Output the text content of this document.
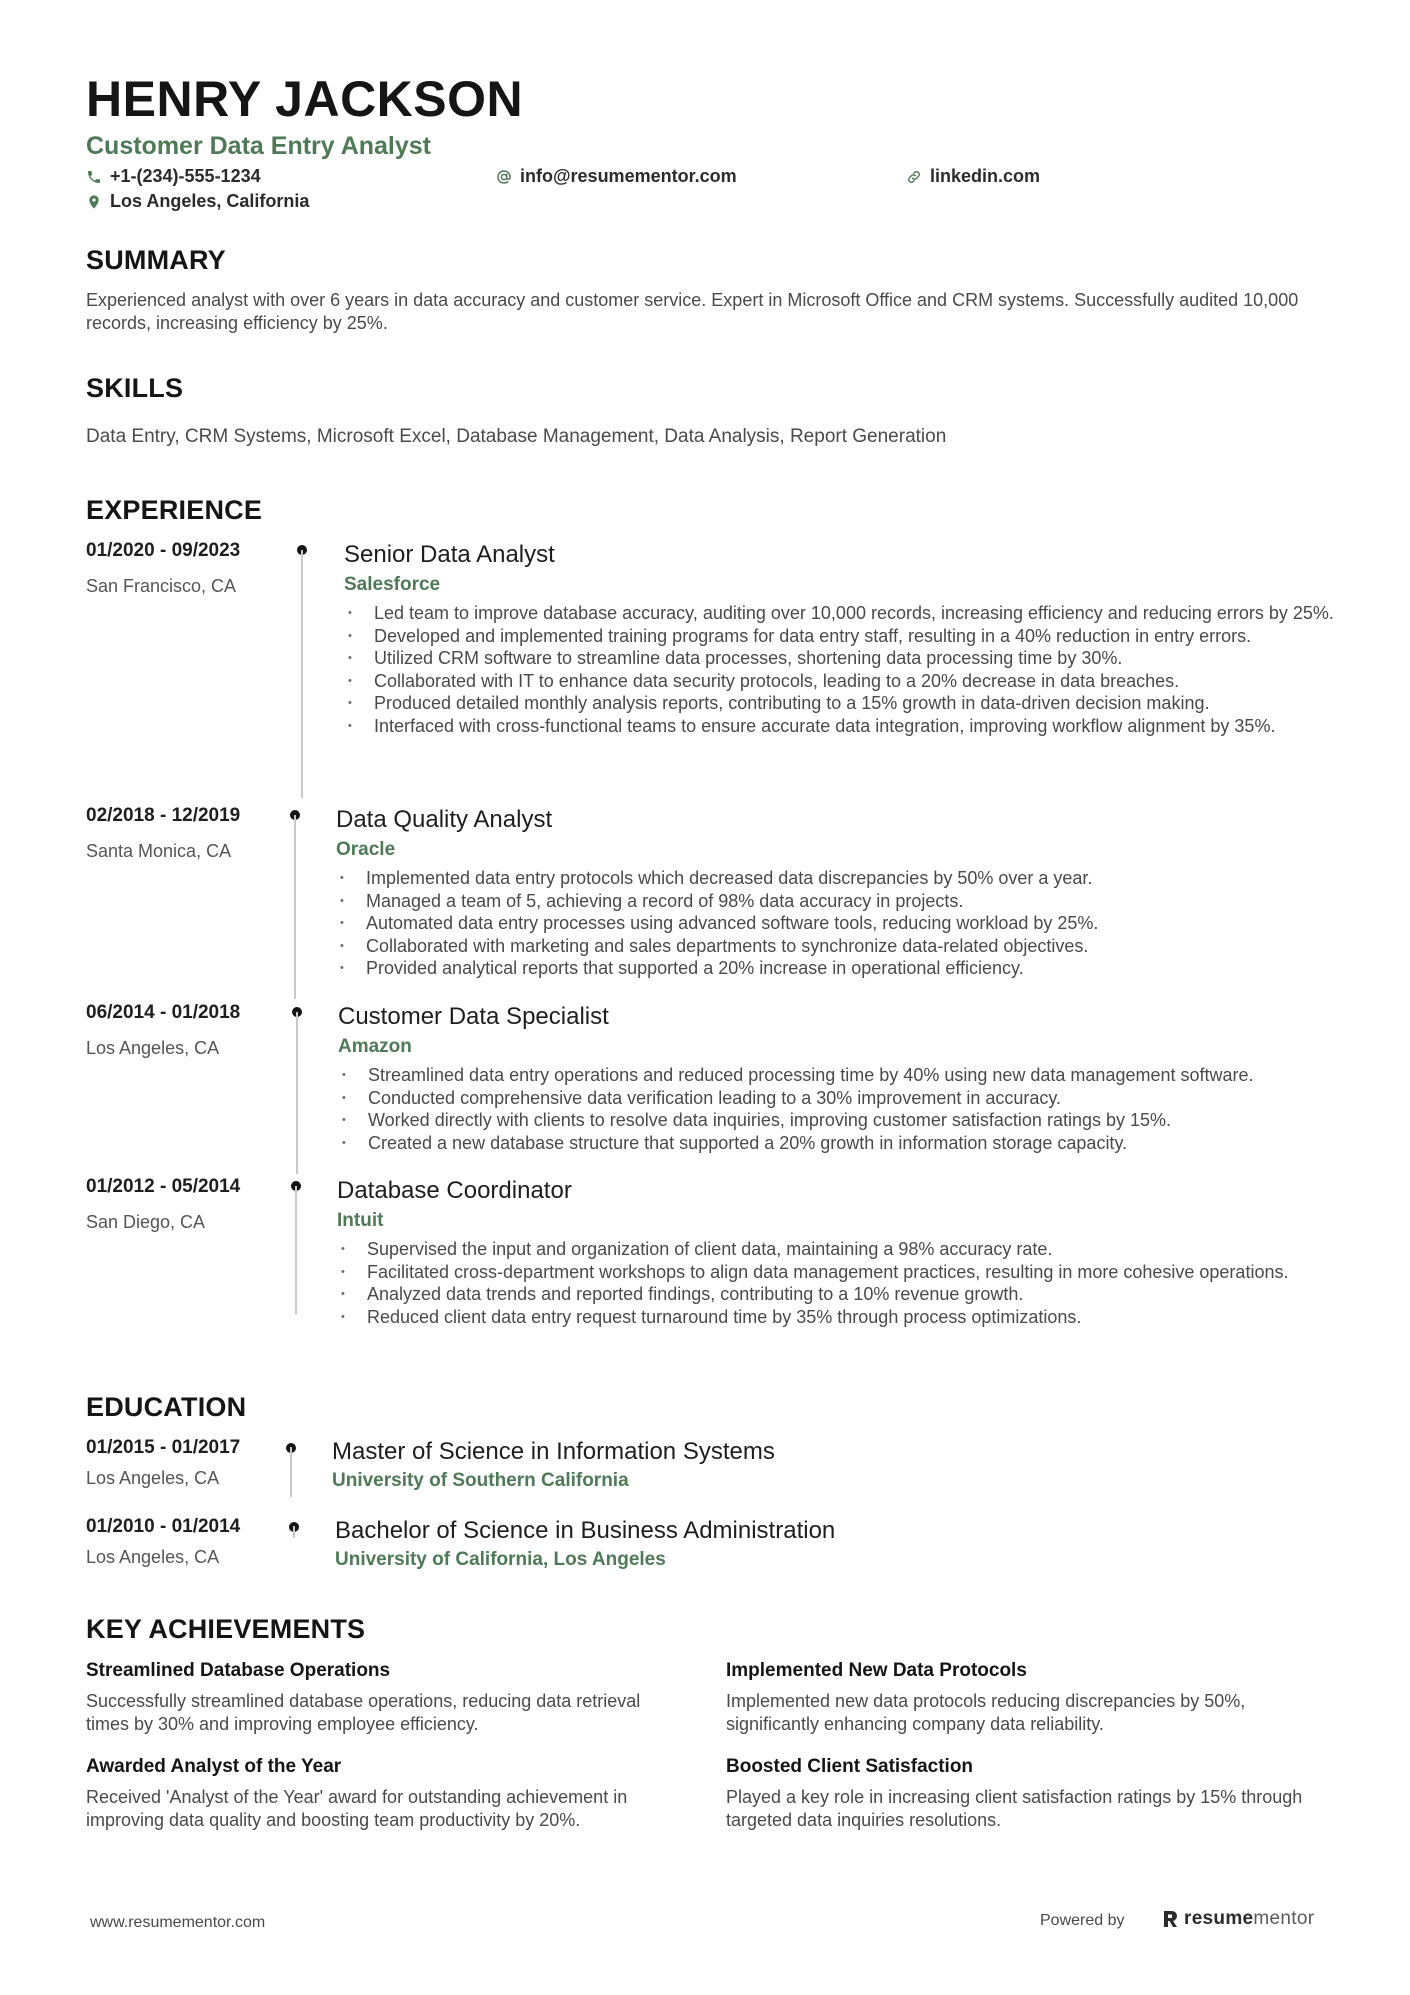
HENRY JACKSON
Customer Data Entry Analyst
+1-(234)-555-1234	info@resumementor.com	linkedin.com
Los Angeles, California
SUMMARY
Experienced analyst with over 6 years in data accuracy and customer service. Expert in Microsoft Office and CRM systems. Successfully audited 10,000 records, increasing efficiency by 25%.
SKILLS
Data Entry, CRM Systems, Microsoft Excel, Database Management, Data Analysis, Report Generation
EXPERIENCE
01/2020 - 09/2023
San Francisco, CA
Senior Data Analyst
Salesforce
• Led team to improve database accuracy, auditing over 10,000 records, increasing efficiency and reducing errors by 25%.
• Developed and implemented training programs for data entry staff, resulting in a 40% reduction in entry errors.
• Utilized CRM software to streamline data processes, shortening data processing time by 30%.
• Collaborated with IT to enhance data security protocols, leading to a 20% decrease in data breaches.
• Produced detailed monthly analysis reports, contributing to a 15% growth in data-driven decision making.
• Interfaced with cross-functional teams to ensure accurate data integration, improving workflow alignment by 35%.
02/2018 - 12/2019
Santa Monica, CA
Data Quality Analyst
Oracle
• Implemented data entry protocols which decreased data discrepancies by 50% over a year.
• Managed a team of 5, achieving a record of 98% data accuracy in projects.
• Automated data entry processes using advanced software tools, reducing workload by 25%.
• Collaborated with marketing and sales departments to synchronize data-related objectives.
• Provided analytical reports that supported a 20% increase in operational efficiency.
06/2014 - 01/2018
Los Angeles, CA
Customer Data Specialist
Amazon
• Streamlined data entry operations and reduced processing time by 40% using new data management software.
• Conducted comprehensive data verification leading to a 30% improvement in accuracy.
• Worked directly with clients to resolve data inquiries, improving customer satisfaction ratings by 15%.
• Created a new database structure that supported a 20% growth in information storage capacity.
01/2012 - 05/2014
San Diego, CA
Database Coordinator
Intuit
• Supervised the input and organization of client data, maintaining a 98% accuracy rate.
• Facilitated cross-department workshops to align data management practices, resulting in more cohesive operations.
• Analyzed data trends and reported findings, contributing to a 10% revenue growth.
• Reduced client data entry request turnaround time by 35% through process optimizations.
EDUCATION
01/2015 - 01/2017
Los Angeles, CA
Master of Science in Information Systems
University of Southern California
01/2010 - 01/2014
Los Angeles, CA
Bachelor of Science in Business Administration
University of California, Los Angeles
KEY ACHIEVEMENTS
Streamlined Database Operations
Successfully streamlined database operations, reducing data retrieval times by 30% and improving employee efficiency.
Implemented New Data Protocols
Implemented new data protocols reducing discrepancies by 50%, significantly enhancing company data reliability.
Awarded Analyst of the Year
Received 'Analyst of the Year' award for outstanding achievement in improving data quality and boosting team productivity by 20%.
Boosted Client Satisfaction
Played a key role in increasing client satisfaction ratings by 15% through targeted data inquiries resolutions.
www.resumementor.com	Powered by	resumementor
